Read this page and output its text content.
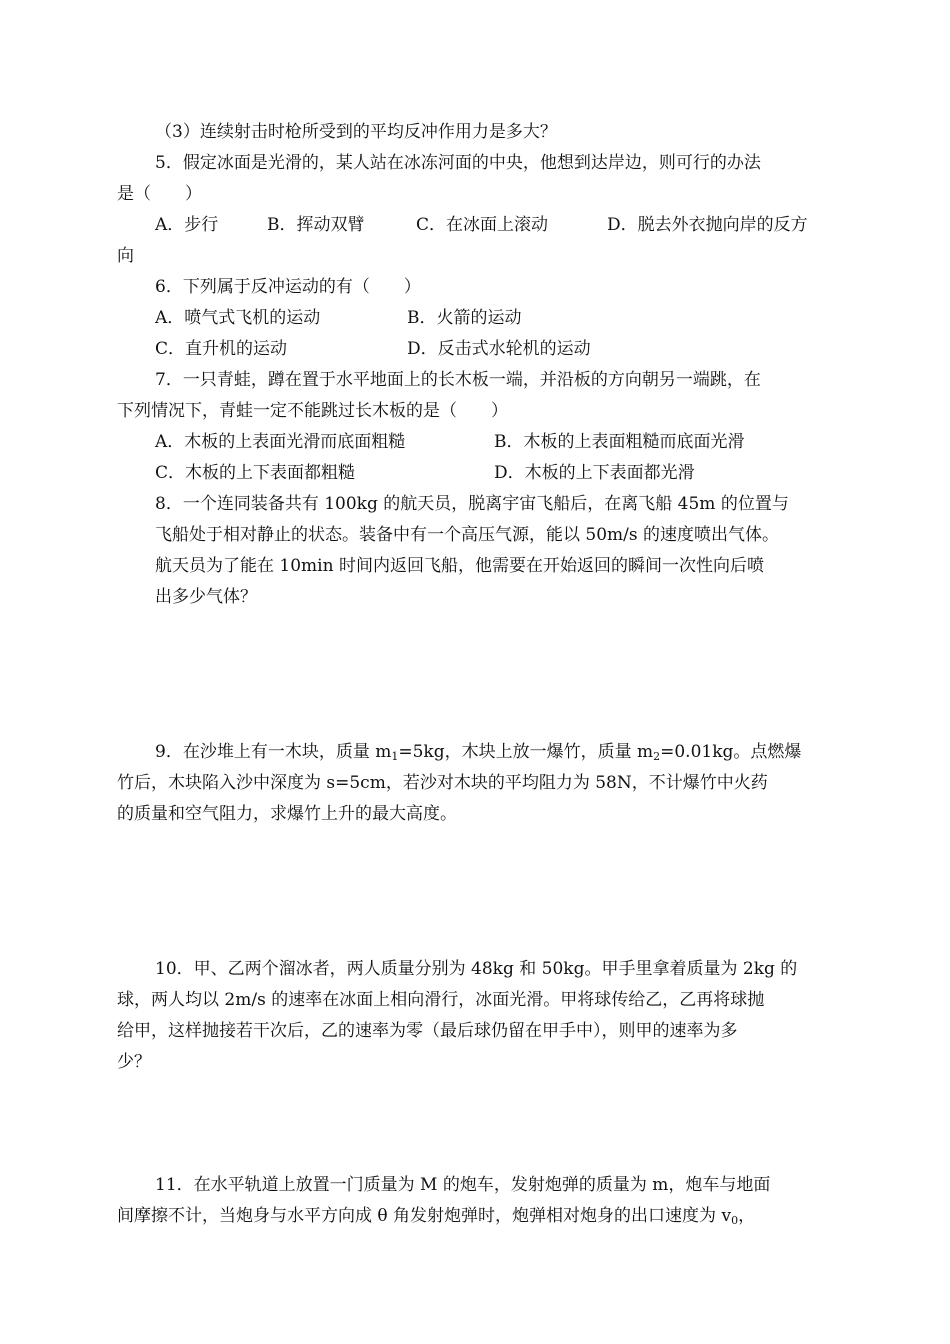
（3）连续射击时枪所受到的平均反冲作用力是多大？
5．假定冰面是光滑的，某人站在冰冻河面的中央，他想到达岸边，则可行的办法
是（　　）
A．步行	B．挥动双臂	C．在冰面上滚动	D．脱去外衣抛向岸的反方
向
6．下列属于反冲运动的有（　　）
A．喷气式飞机的运动	B．火箭的运动
C．直升机的运动	D．反击式水轮机的运动
7．一只青蛙，蹲在置于水平地面上的长木板一端，并沿板的方向朝另一端跳，在
下列情况下，青蛙一定不能跳过长木板的是（　　）
A．木板的上表面光滑而底面粗糙	B．木板的上表面粗糙而底面光滑
C．木板的上下表面都粗糙	D．木板的上下表面都光滑
8．一个连同装备共有 100kg 的航天员，脱离宇宙飞船后，在离飞船 45m 的位置与
飞船处于相对静止的状态。装备中有一个高压气源，能以 50m/s 的速度喷出气体。
航天员为了能在 10min 时间内返回飞船，他需要在开始返回的瞬间一次性向后喷
出多少气体？
9．在沙堆上有一木块，质量 $m_1=5kg$，木块上放一爆竹，质量 $m_2=0.01kg$。点燃爆
竹后，木块陷入沙中深度为 s=5cm，若沙对木块的平均阻力为 58N，不计爆竹中火药
的质量和空气阻力，求爆竹上升的最大高度。
10．甲、乙两个溜冰者，两人质量分别为 48kg 和 50kg。甲手里拿着质量为 2kg 的
球，两人均以 2m/s 的速率在冰面上相向滑行，冰面光滑。甲将球传给乙，乙再将球抛
给甲，这样抛接若干次后，乙的速率为零（最后球仍留在甲手中），则甲的速率为多
少？
11．在水平轨道上放置一门质量为 M 的炮车，发射炮弹的质量为 m，炮车与地面
间摩擦不计，当炮身与水平方向成 θ 角发射炮弹时，炮弹相对炮身的出口速度为 $v_0$，
